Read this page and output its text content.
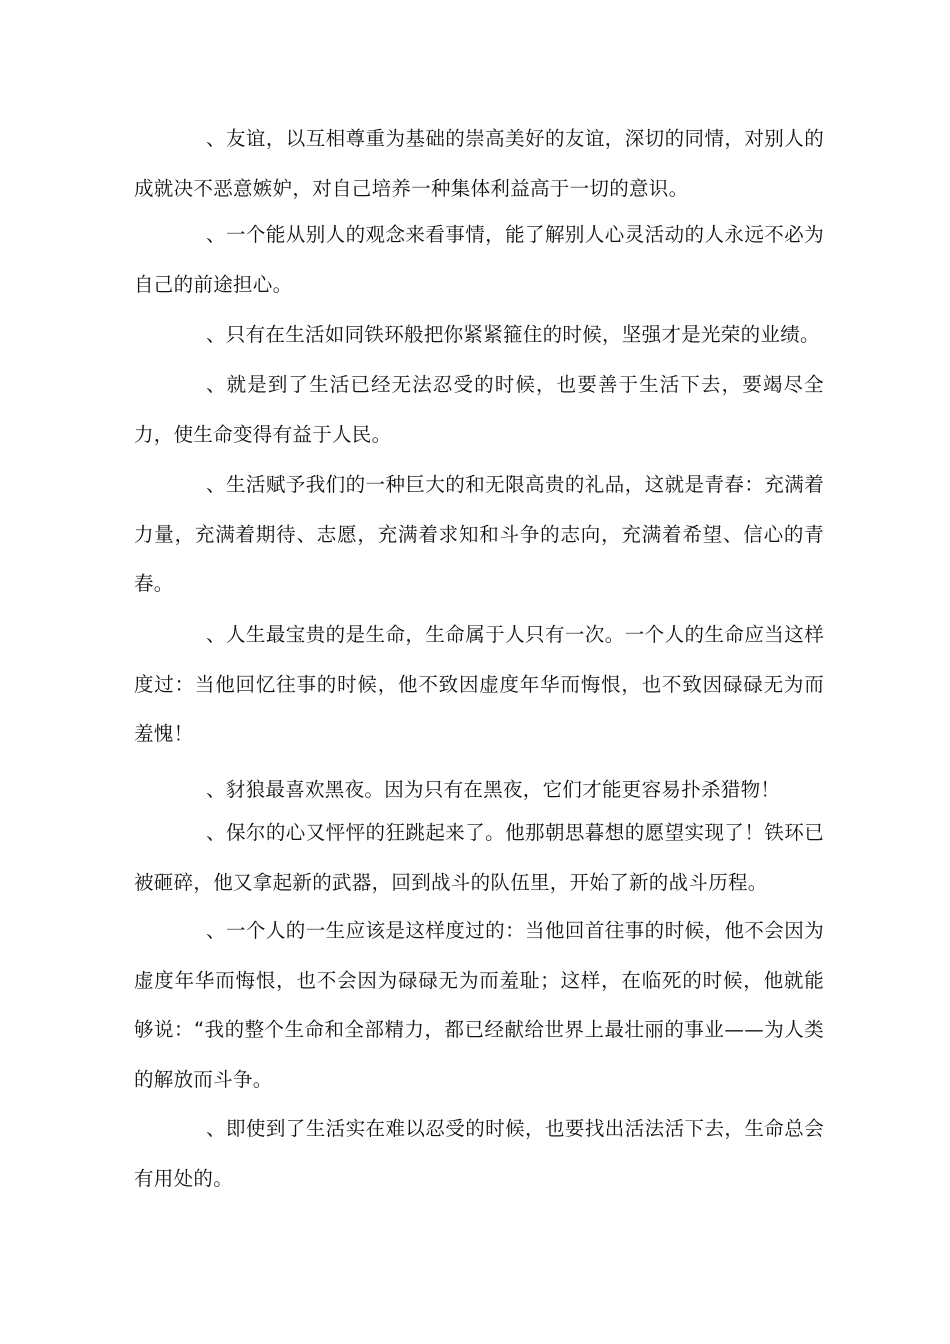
、友谊，以互相尊重为基础的崇高美好的友谊，深切的同情，对别人的成就决不恶意嫉妒，对自己培养一种集体利益高于一切的意识。

、一个能从别人的观念来看事情，能了解别人心灵活动的人永远不必为自己的前途担心。

、只有在生活如同铁环般把你紧紧箍住的时候，坚强才是光荣的业绩。

、就是到了生活已经无法忍受的时候，也要善于生活下去，要竭尽全力，使生命变得有益于人民。

、生活赋予我们的一种巨大的和无限高贵的礼品，这就是青春：充满着力量，充满着期待、志愿，充满着求知和斗争的志向，充满着希望、信心的青春。

、人生最宝贵的是生命，生命属于人只有一次。一个人的生命应当这样度过：当他回忆往事的时候，他不致因虚度年华而悔恨，也不致因碌碌无为而羞愧！

、豺狼最喜欢黑夜。因为只有在黑夜，它们才能更容易扑杀猎物！

、保尔的心又怦怦的狂跳起来了。他那朝思暮想的愿望实现了！铁环已被砸碎，他又拿起新的武器，回到战斗的队伍里，开始了新的战斗历程。

、一个人的一生应该是这样度过的：当他回首往事的时候，他不会因为虚度年华而悔恨，也不会因为碌碌无为而羞耻；这样，在临死的时候，他就能够说：“我的整个生命和全部精力，都已经献给世界上最壮丽的事业——为人类的解放而斗争。

、即使到了生活实在难以忍受的时候，也要找出活法活下去，生命总会有用处的。
